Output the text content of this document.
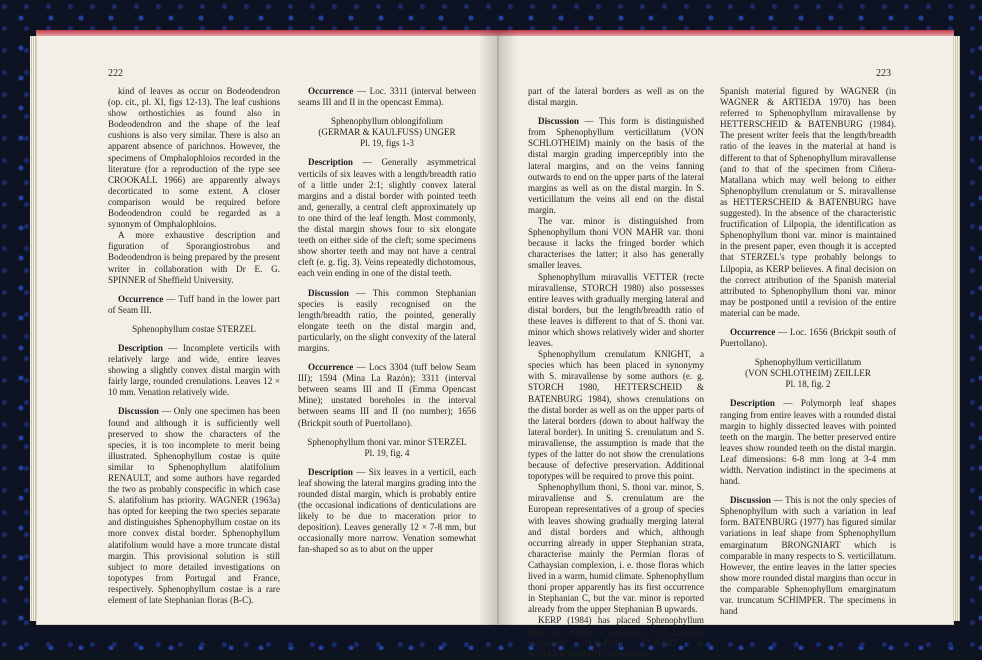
222

kind of leaves as occur on Bodeodendron (op. cit., pl. XI, figs 12-13). The leaf cushions show orthostichies as found also in Bodeodendron and the shape of the leaf cushions is also very similar. There is also an apparent absence of parichnos. However, the specimens of Omphalophloios recorded in the literature (for a reproduction of the type see CROOKALL 1966) are apparently always decorticated to some extent. A closer comparison would be required before Bodeodendron could be regarded as a synonym of Omphalophloios.

A more exhaustive description and figuration of Sporangiostrobus and Bodeodendron is being prepared by the present writer in collaboration with Dr E. G. SPINNER of Sheffield University.

Occurrence — Tuff band in the lower part of Seam III.

Sphenophyllum costae STERZEL

Description — Incomplete verticils with relatively large and wide, entire leaves showing a slightly convex distal margin with fairly large, rounded crenulations. Leaves 12 × 10 mm. Venation relatively wide.

Discussion — Only one specimen has been found and although it is sufficiently well preserved to show the characters of the species, it is too incomplete to merit being illustrated. Sphenophyllum costae is quite similar to Sphenophyllum alatifolium RENAULT, and some authors have regarded the two as probably conspecific in which case S. alatifolium has priority. WAGNER (1963a) has opted for keeping the two species separate and distinguishes Sphenophyllum costae on its more convex distal border. Sphenophyllum alatifolium would have a more truncate distal margin. This provisional solution is still subject to more detailed investigations on topotypes from Portugal and France, respectively. Sphenophyllum costae is a rare element of late Stephanian floras (B-C).

Occurrence — Loc. 3311 (interval between seams III and II in the opencast Emma).

Sphenophyllum oblongifolium

(GERMAR & KAULFUSS) UNGER

Pl. 19, figs 1-3

Description — Generally asymmetrical verticils of six leaves with a length/breadth ratio of a little under 2:1; slightly convex lateral margins and a distal border with pointed teeth and, generally, a central cleft approximately up to one third of the leaf length. Most commonly, the distal margin shows four to six elongate teeth on either side of the cleft; some specimens show shorter teeth and may not have a central cleft (e. g. fig. 3). Veins repeatedly dichotomous, each vein ending in one of the distal teeth.

Discussion — This common Stephanian species is easily recognised on the length/breadth ratio, the pointed, generally elongate teeth on the distal margin and, particularly, on the slight convexity of the lateral margins.

Occurrence — Locs 3304 (tuff below Seam III); 1594 (Mina La Razón); 3311 (interval between seams III and II (Emma Opencast Mine); unstated boreholes in the interval between seams III and II (no number); 1656 (Brickpit south of Puertollano).

Sphenophyllum thoni var. minor STERZEL

Pl. 19, fig. 4

Description — Six leaves in a verticil, each leaf showing the lateral margins grading into the rounded distal margin, which is probably entire (the occasional indications of denticulations are likely to be due to maceration prior to deposition). Leaves generally 12 × 7-8 mm, but occasionally more narrow. Venation somewhat fan-shaped so as to abut on the upper

223

part of the lateral borders as well as on the distal margin.

Discussion — This form is distinguished from Sphenophyllum verticillatum (VON SCHLOTHEIM) mainly on the basis of the distal margin grading imperceptibly into the lateral margins, and on the veins fanning outwards to end on the upper parts of the lateral margins as well as on the distal margin. In S. verticillatum the veins all end on the distal margin.

The var. minor is distinguished from Sphenophyllum thoni VON MAHR var. thoni because it lacks the fringed border which characterises the latter; it also has generally smaller leaves.

Sphenophyllum miravallis VETTER (recte miravallense, STORCH 1980) also possesses entire leaves with gradually merging lateral and distal borders, but the length/breadth ratio of these leaves is different to that of S. thoni var. minor which shows relatively wider and shorter leaves.

Sphenophyllum crenulatum KNIGHT, a species which has been placed in synonymy with S. miravallense by some authors (e. g. STORCH 1980, HETTERSCHEID & BATENBURG 1984), shows crenulations on the distal border as well as on the upper parts of the lateral borders (down to about halfway the lateral border). In uniting S. crenulatum and S. miravallense, the assumption is made that the types of the latter do not show the crenulations because of defective preservation. Additional topotypes will be required to prove this point.

Sphenophyllum thoni, S. thoni var. minor, S. miravallense and S. crenulatum are the European representatives of a group of species with leaves showing gradually merging lateral and distal borders and which, although occurring already in upper Stephanian strata, characterise mainly the Permian floras of Cathaysian complexion, i. e. those floras which lived in a warm, humid climate. Sphenophyllum thoni proper apparently has its first occurrence in Stephanian C, but the var. minor is reported already from the upper Stephanian B upwards.

KERP (1984) has placed Sphenophyllum thoni var. minor in synonymy with Lilpopia raciborskii (LILPOP) CONERT & SCHAARSCHMIDT, whilst the

Spanish material figured by WAGNER (in WAGNER & ARTIEDA 1970) has been referred to Sphenophyllum miravallense by HETTERSCHEID & BATENBURG (1984). The present writer feels that the length/breadth ratio of the leaves in the material at hand is different to that of Sphenophyllum miravallense (and to that of the specimen from Ciñera-Matallana which may well belong to either Sphenophyllum crenulatum or S. miravallense as HETTERSCHEID & BATENBURG have suggested). In the absence of the characteristic fructification of Lilpopia, the identification as Sphenophyllum thoni var. minor is maintained in the present paper, even though it is accepted that STERZEL's type probably belongs to Lilpopia, as KERP believes. A final decision on the correct attribution of the Spanish material attributed to Sphenophyllum thoni var. minor may be postponed until a revision of the entire material can be made.

Occurrence — Loc. 1656 (Brickpit south of Puertollano).

Sphenophyllum verticillatum

(VON SCHLOTHEIM) ZEILLER

Pl. 18, fig. 2

Description — Polymorph leaf shapes ranging from entire leaves with a rounded distal margin to highly dissected leaves with pointed teeth on the margin. The better preserved entire leaves show rounded teeth on the distal margin. Leaf dimensions: 6-8 mm long at 3-4 mm width. Nervation indistinct in the specimens at hand.

Discussion — This is not the only species of Sphenophyllum with such a variation in leaf form. BATENBURG (1977) has figured similar variations in leaf shape from Sphenophyllum emarginatum BRONGNIART which is comparable in many respects to S. verticillatum. However, the entire leaves in the latter species show more rounded distal margins than occur in the comparable Sphenophyllum emarginatum var. truncatum SCHIMPER. The specimens in hand
